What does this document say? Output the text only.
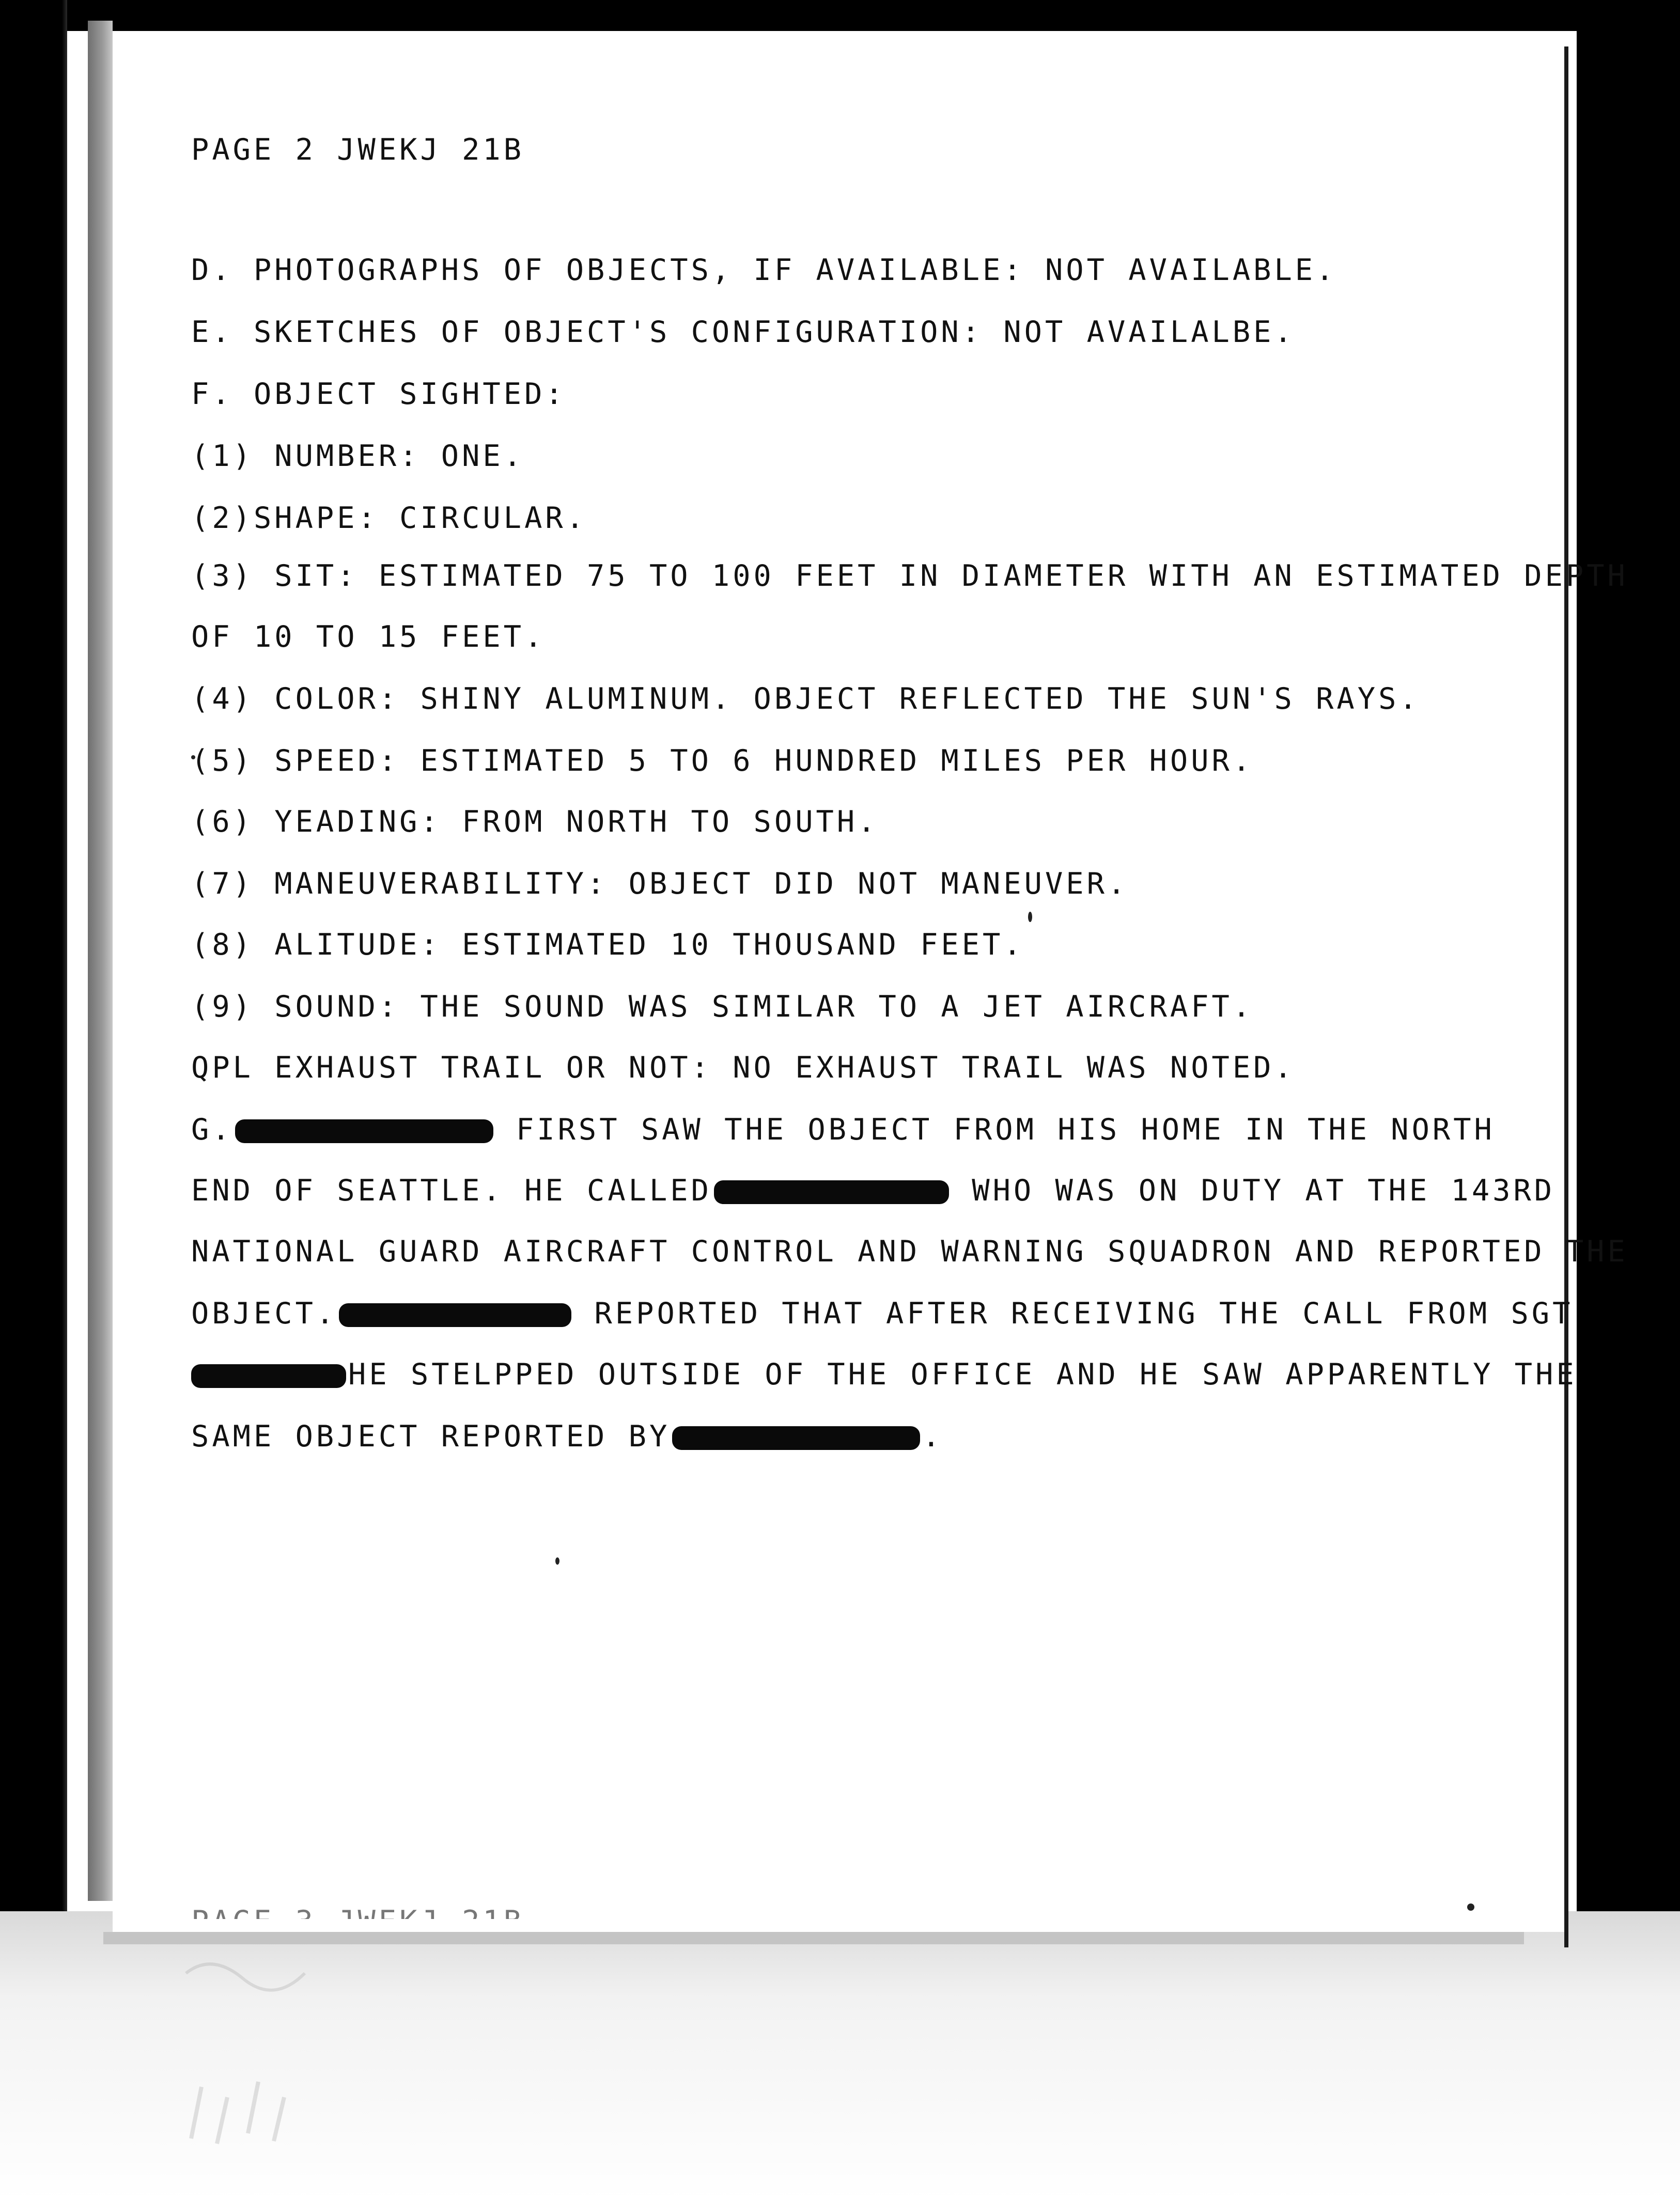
PAGE 2 JWEKJ 21B

D. PHOTOGRAPHS OF OBJECTS, IF AVAILABLE: NOT AVAILABLE.

E. SKETCHES OF OBJECT'S CONFIGURATION: NOT AVAILALBE.

F. OBJECT SIGHTED:

(1) NUMBER: ONE.

(2)SHAPE: CIRCULAR.

(3) SIT: ESTIMATED 75 TO 100 FEET IN DIAMETER WITH AN ESTIMATED DEPTH

OF 10 TO 15 FEET.

(4) COLOR: SHINY ALUMINUM. OBJECT REFLECTED THE SUN'S RAYS.

(5) SPEED: ESTIMATED 5 TO 6 HUNDRED MILES PER HOUR.

(6) YEADING: FROM NORTH TO SOUTH.

(7) MANEUVERABILITY: OBJECT DID NOT MANEUVER.

(8) ALITUDE: ESTIMATED 10 THOUSAND FEET.

(9) SOUND: THE SOUND WAS SIMILAR TO A JET AIRCRAFT.

QPL EXHAUST TRAIL OR NOT: NO EXHAUST TRAIL WAS NOTED.

G.	FIRST SAW THE OBJECT FROM HIS HOME IN THE NORTH

END OF SEATTLE. HE CALLED	WHO WAS ON DUTY AT THE 143RD

NATIONAL GUARD AIRCRAFT CONTROL AND WARNING SQUADRON AND REPORTED THE

OBJECT.	REPORTED THAT AFTER RECEIVING THE CALL FROM SGT

HE STELPPED OUTSIDE OF THE OFFICE AND HE SAW APPARENTLY THE

SAME OBJECT REPORTED BY	.
